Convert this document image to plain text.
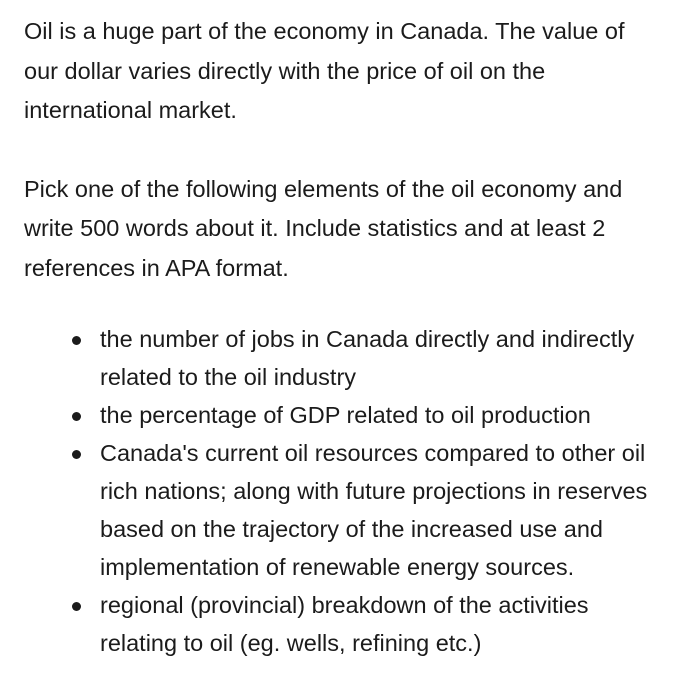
Oil is a huge part of the economy in Canada. The value of our dollar varies directly with the price of oil on the international market.

Pick one of the following elements of the oil economy and write 500 words about it. Include statistics and at least 2 references in APA format.

the number of jobs in Canada directly and indirectly related to the oil industry
the percentage of GDP related to oil production
Canada's current oil resources compared to other oil rich nations; along with future projections in reserves based on the trajectory of the increased use and implementation of renewable energy sources.
regional (provincial) breakdown of the activities relating to oil (eg. wells, refining etc.)
